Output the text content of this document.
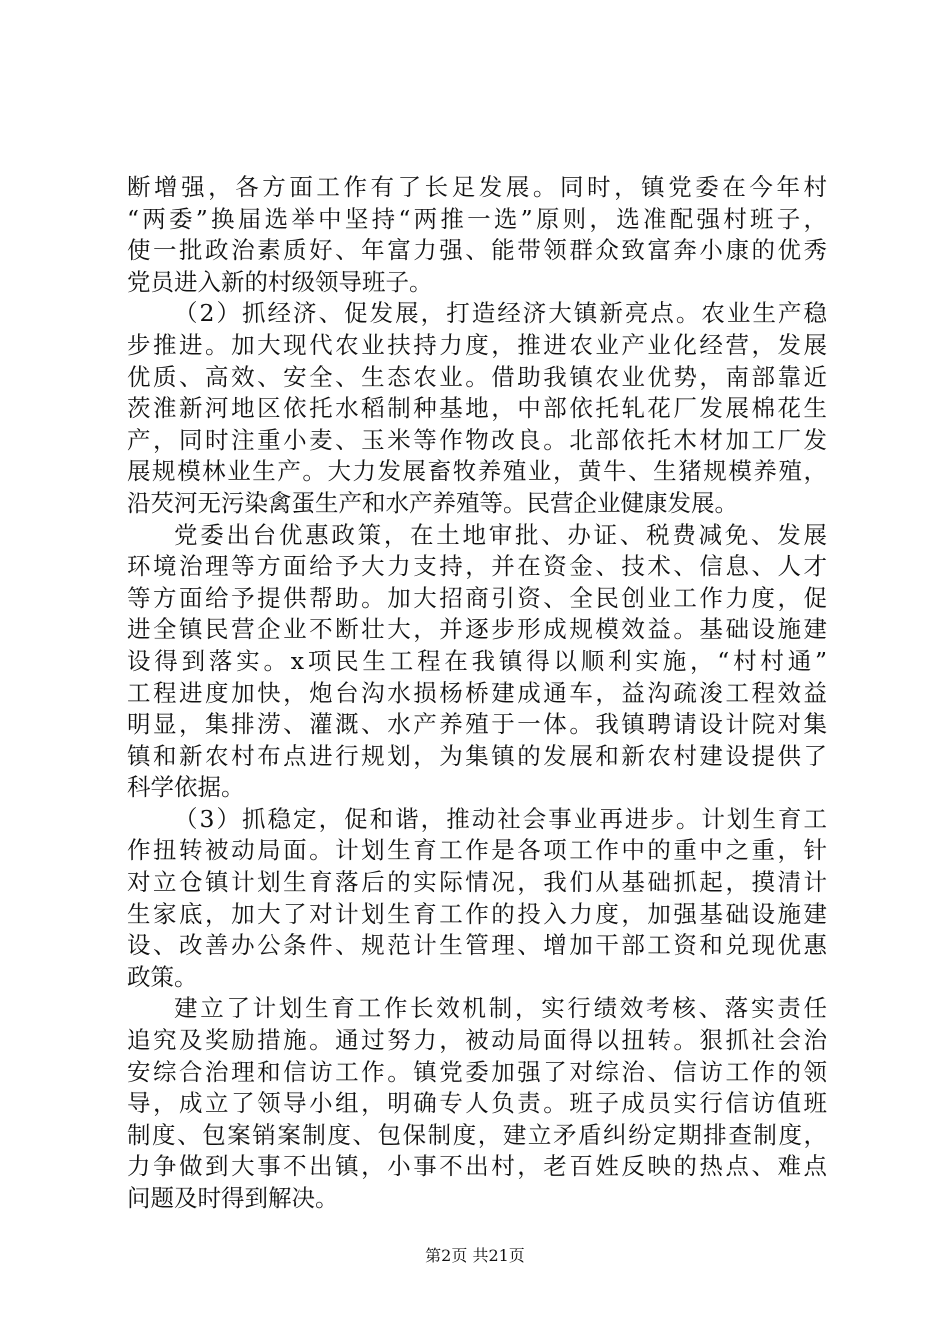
断增强，各方面工作有了长足发展。同时，镇党委在今年村
“两委”换届选举中坚持“两推一选”原则，选准配强村班子，
使一批政治素质好、年富力强、能带领群众致富奔小康的优秀
党员进入新的村级领导班子。
（2）抓经济、促发展，打造经济大镇新亮点。农业生产稳
步推进。加大现代农业扶持力度，推进农业产业化经营，发展
优质、高效、安全、生态农业。借助我镇农业优势，南部靠近
茨淮新河地区依托水稻制种基地，中部依托轧花厂发展棉花生
产，同时注重小麦、玉米等作物改良。北部依托木材加工厂发
展规模林业生产。大力发展畜牧养殖业，黄牛、生猪规模养殖，
沿芡河无污染禽蛋生产和水产养殖等。民营企业健康发展。
党委出台优惠政策，在土地审批、办证、税费减免、发展
环境治理等方面给予大力支持，并在资金、技术、信息、人才
等方面给予提供帮助。加大招商引资、全民创业工作力度，促
进全镇民营企业不断壮大，并逐步形成规模效益。基础设施建
设得到落实。x项民生工程在我镇得以顺利实施，“村村通”
工程进度加快，炮台沟水损杨桥建成通车，益沟疏浚工程效益
明显，集排涝、灌溉、水产养殖于一体。我镇聘请设计院对集
镇和新农村布点进行规划，为集镇的发展和新农村建设提供了
科学依据。
（3）抓稳定，促和谐，推动社会事业再进步。计划生育工
作扭转被动局面。计划生育工作是各项工作中的重中之重，针
对立仓镇计划生育落后的实际情况，我们从基础抓起，摸清计
生家底，加大了对计划生育工作的投入力度，加强基础设施建
设、改善办公条件、规范计生管理、增加干部工资和兑现优惠
政策。
建立了计划生育工作长效机制，实行绩效考核、落实责任
追究及奖励措施。通过努力，被动局面得以扭转。狠抓社会治
安综合治理和信访工作。镇党委加强了对综治、信访工作的领
导，成立了领导小组，明确专人负责。班子成员实行信访值班
制度、包案销案制度、包保制度，建立矛盾纠纷定期排查制度，
力争做到大事不出镇，小事不出村，老百姓反映的热点、难点
问题及时得到解决。
第2页 共21页
